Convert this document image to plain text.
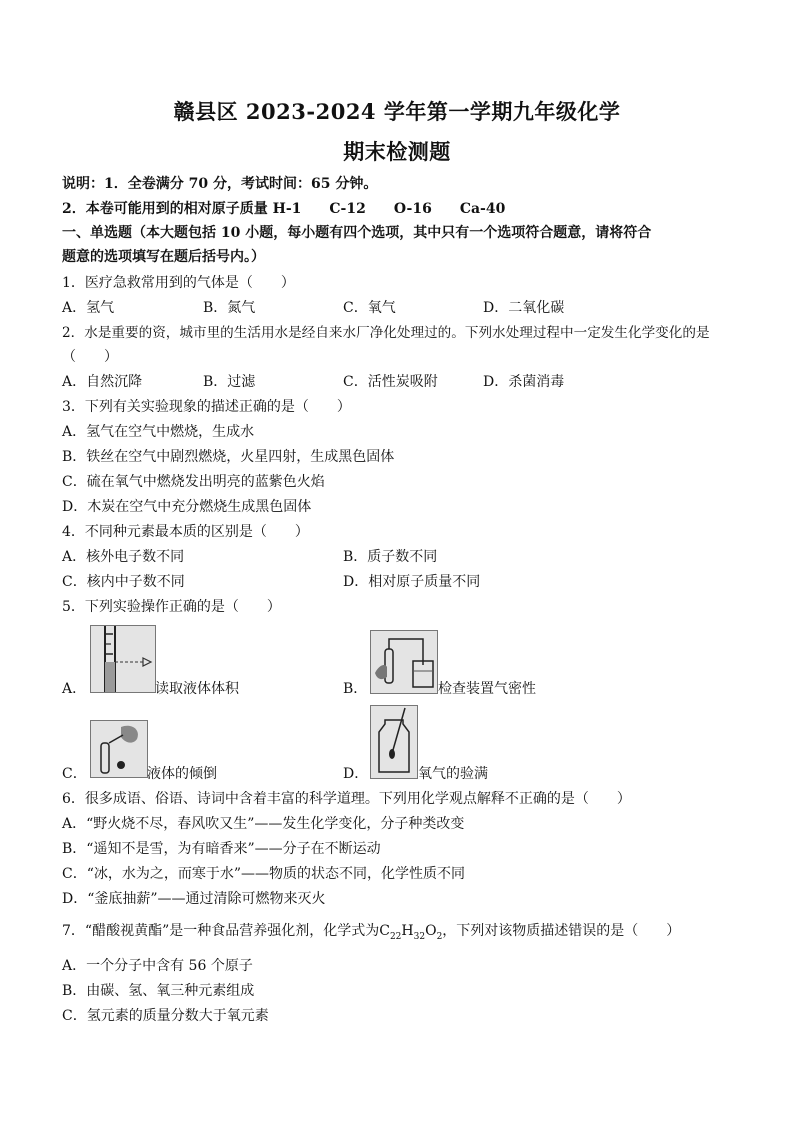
赣县区 2023-2024 学年第一学期九年级化学
期末检测题
说明：1．全卷满分 70 分，考试时间：65 分钟。
2．本卷可能用到的相对原子质量 H-1　　C-12　　O-16　　Ca-40
一、单选题（本大题包括 10 小题，每小题有四个选项，其中只有一个选项符合题意，请将符合
题意的选项填写在题后括号内。）
1．医疗急救常用到的气体是（　　）
A．氢气	B．氮气	C．氧气	D．二氧化碳
2．水是重要的资，城市里的生活用水是经自来水厂净化处理过的。下列水处理过程中一定发生化学变化的是
（　　）
A．自然沉降	B．过滤	C．活性炭吸附	D．杀菌消毒
3．下列有关实验现象的描述正确的是（　　）
A．氢气在空气中燃烧，生成水
B．铁丝在空气中剧烈燃烧，火星四射，生成黑色固体
C．硫在氧气中燃烧发出明亮的蓝紫色火焰
D．木炭在空气中充分燃烧生成黑色固体
4．不同种元素最本质的区别是（　　）
A．核外电子数不同	B．质子数不同
C．核内中子数不同	D．相对原子质量不同
5．下列实验操作正确的是（　　）
A．	读取液体体积	B．	检查装置气密性
C．	液体的倾倒	D．	氧气的验满
6．很多成语、俗语、诗词中含着丰富的科学道理。下列用化学观点解释不正确的是（　　）
A．“野火烧不尽，春风吹又生”——发生化学变化，分子种类改变
B．“遥知不是雪，为有暗香来”——分子在不断运动
C．“冰，水为之，而寒于水”——物质的状态不同，化学性质不同
D．“釜底抽薪”——通过清除可燃物来灭火
7．“醋酸视黄酯”是一种食品营养强化剂，化学式为$C_{22}H_{32}O_2$，下列对该物质描述错误的是（　　）
A．一个分子中含有 56 个原子
B．由碳、氢、氧三种元素组成
C．氢元素的质量分数大于氧元素
